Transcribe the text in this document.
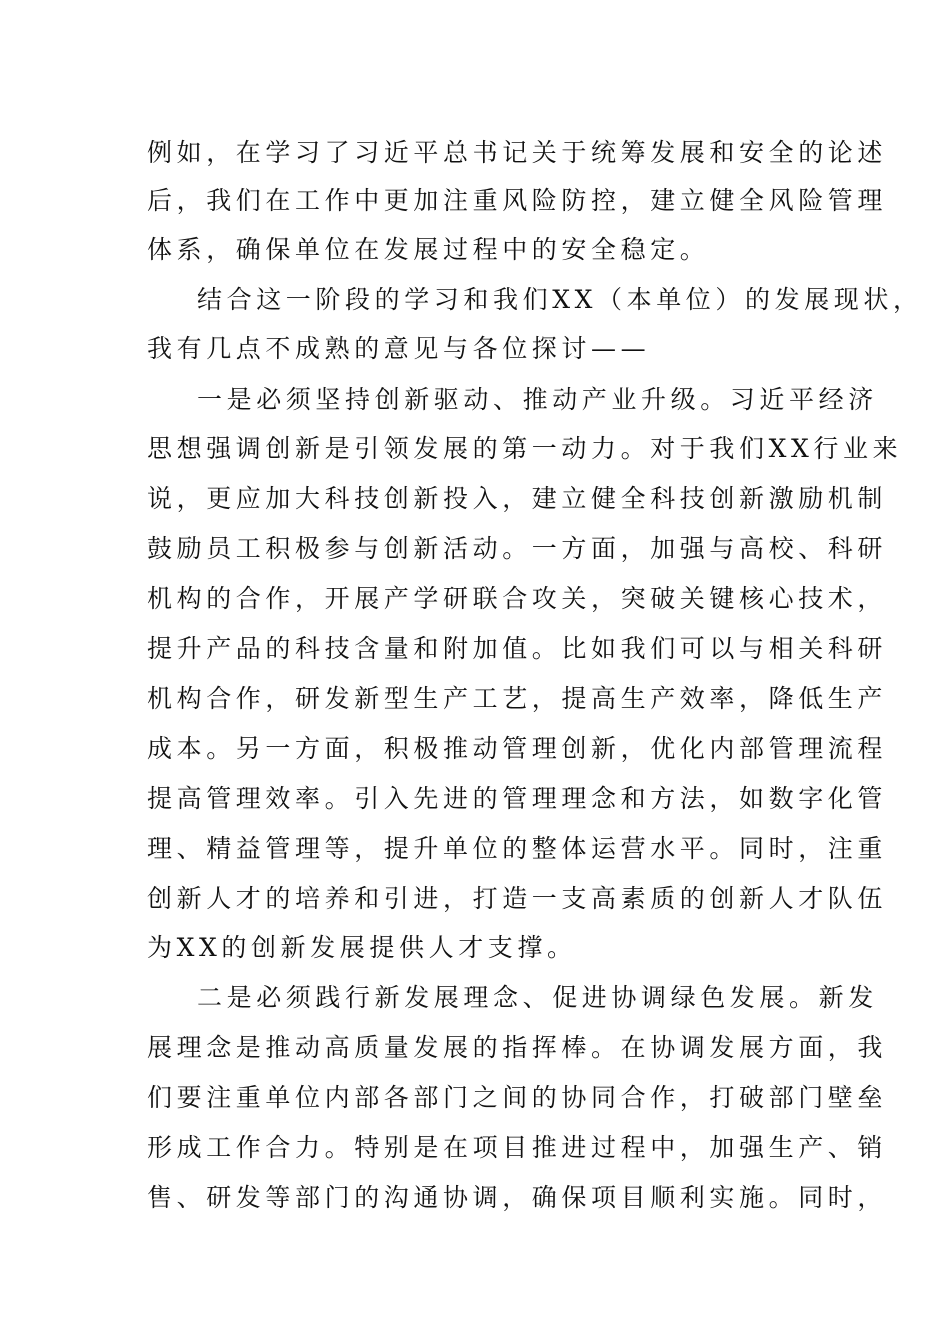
例如，在学习了习近平总书记关于统筹发展和安全的论述
后，我们在工作中更加注重风险防控，建立健全风险管理
体系，确保单位在发展过程中的安全稳定。
结合这一阶段的学习和我们XX（本单位）的发展现状，
我有几点不成熟的意见与各位探讨——
一是必须坚持创新驱动、推动产业升级。习近平经济
思想强调创新是引领发展的第一动力。对于我们XX行业来
说，更应加大科技创新投入，建立健全科技创新激励机制
鼓励员工积极参与创新活动。一方面，加强与高校、科研
机构的合作，开展产学研联合攻关，突破关键核心技术，
提升产品的科技含量和附加值。比如我们可以与相关科研
机构合作，研发新型生产工艺，提高生产效率，降低生产
成本。另一方面，积极推动管理创新，优化内部管理流程
提高管理效率。引入先进的管理理念和方法，如数字化管
理、精益管理等，提升单位的整体运营水平。同时，注重
创新人才的培养和引进，打造一支高素质的创新人才队伍
为XX的创新发展提供人才支撑。
二是必须践行新发展理念、促进协调绿色发展。新发
展理念是推动高质量发展的指挥棒。在协调发展方面，我
们要注重单位内部各部门之间的协同合作，打破部门壁垒
形成工作合力。特别是在项目推进过程中，加强生产、销
售、研发等部门的沟通协调，确保项目顺利实施。同时，
